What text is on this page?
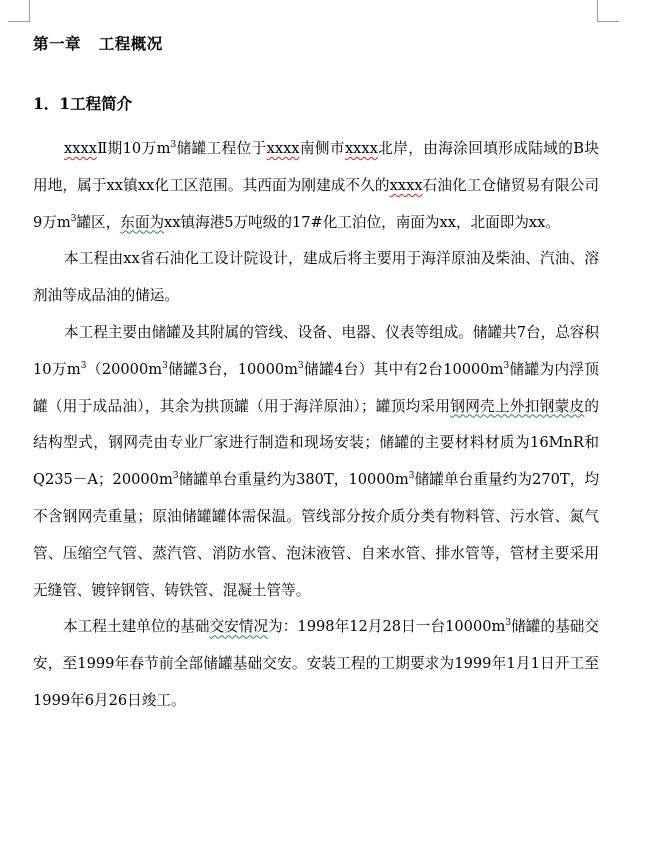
第一章   工程概况
1．1工程简介

xxxxⅡ期10万$m^3$储罐工程位于xxxx南侧市xxxx北岸，由海涂回填形成陆域的B块用地，属于xx镇xx化工区范围。其西面为刚建成不久的xxxx石油化工仓储贸易有限公司9万$m^3$罐区，东面为xx镇海港5万吨级的17#化工泊位，南面为xx，北面即为xx。

本工程由xx省石油化工设计院设计，建成后将主要用于海洋原油及柴油、汽油、溶剂油等成品油的储运。

本工程主要由储罐及其附属的管线、设备、电器、仪表等组成。储罐共7台，总容积10万$m^3(20000m^3$储罐3台，$10000m^3$储罐4台）其中有2台$10000m^3$储罐为内浮顶罐（用于成品油），其余为拱顶罐（用于海洋原油）；罐顶均采用钢网壳上外扣钢蒙皮的结构型式，钢网壳由专业厂家进行制造和现场安装；储罐的主要材料材质为16MnR和Q235－A；$20000m^3$储罐单台重量约为380T，$10000m^3$储罐单台重量约为270T，均不含钢网壳重量；原油储罐罐体需保温。管线部分按介质分类有物料管、污水管、氮气管、压缩空气管、蒸汽管、消防水管、泡沫液管、自来水管、排水管等，管材主要采用无缝管、镀锌钢管、铸铁管、混凝土管等。

本工程土建单位的基础交安情况为：1998年12月28日一台$10000m^3$储罐的基础交安，至1999年春节前全部储罐基础交安。安装工程的工期要求为1999年1月1日开工至1999年6月26日竣工。
